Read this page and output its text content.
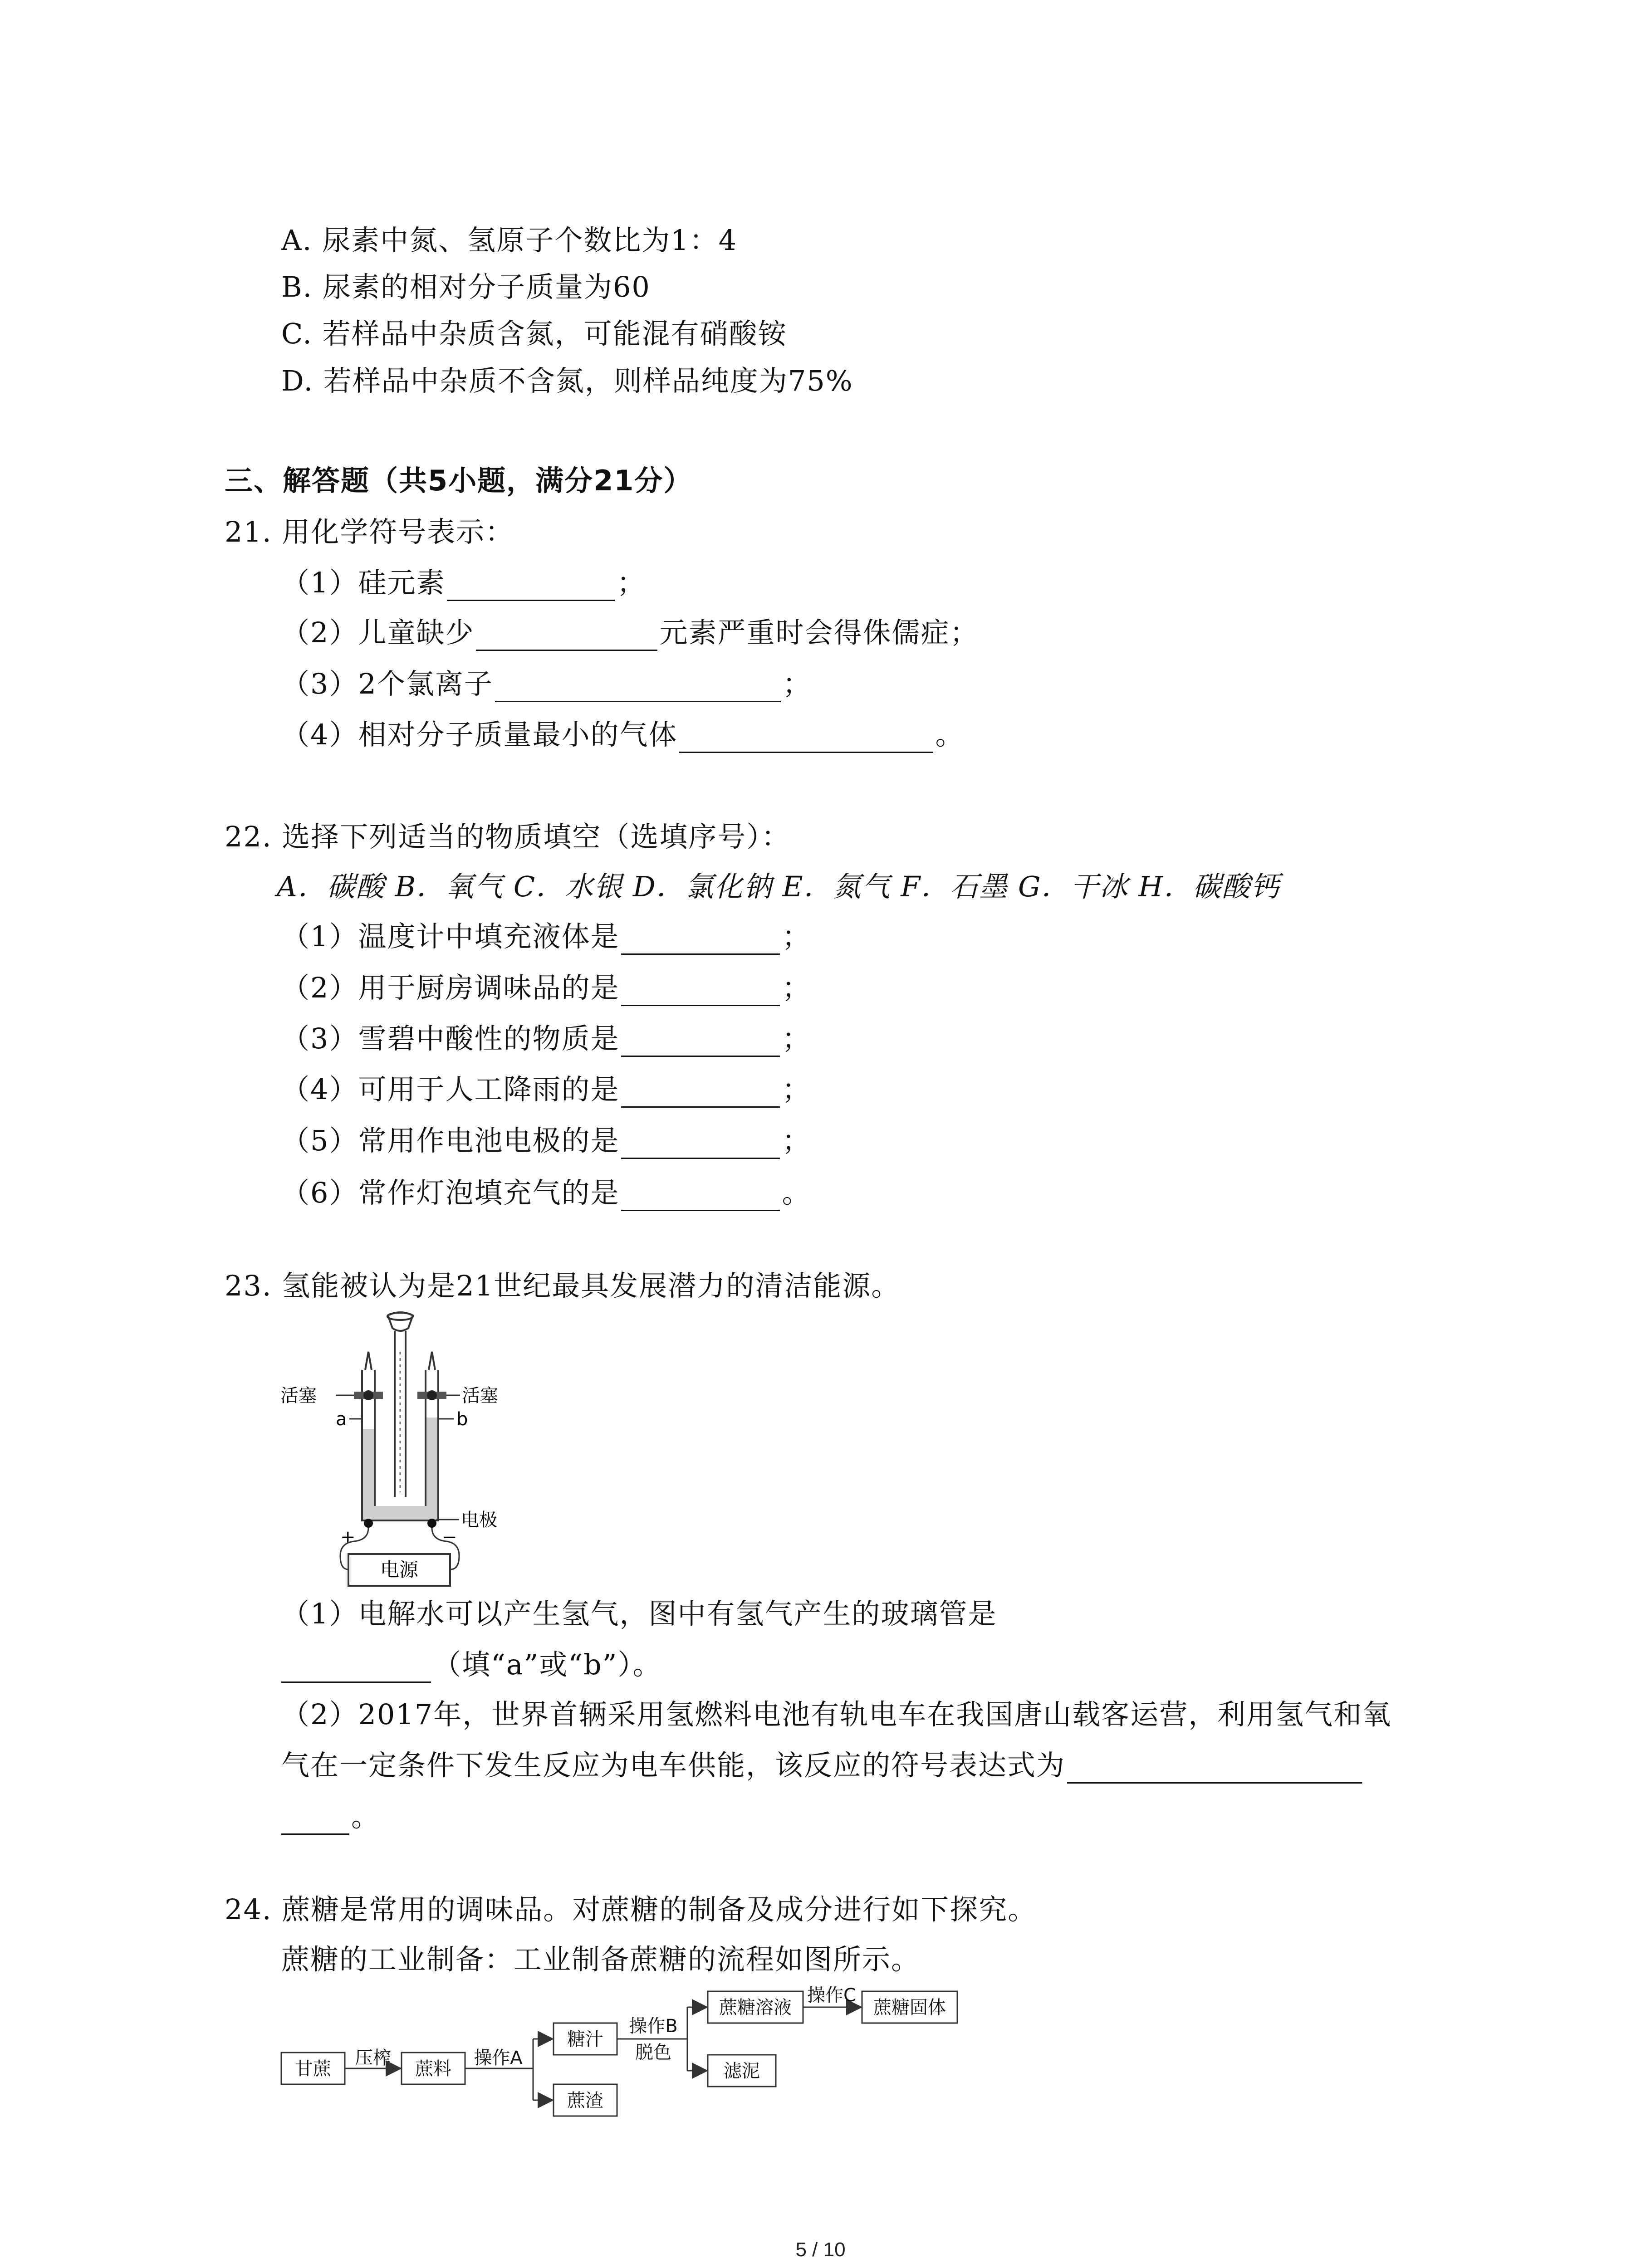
A. 尿素中氮、氢原子个数比为1：4
B. 尿素的相对分子质量为60
C. 若样品中杂质含氮，可能混有硝酸铵
D. 若样品中杂质不含氮，则样品纯度为75%
三、解答题（共5小题，满分21分）
21. 用化学符号表示：
（1）硅元素	；
（2）儿童缺少	元素严重时会得侏儒症；
（3）2个氯离子	；
（4）相对分子质量最小的气体	。
22. 选择下列适当的物质填空（选填序号）：
A．碳酸 B．氧气 C．水银 D．氯化钠 E．氮气 F．石墨 G．干冰 H．碳酸钙
（1）温度计中填充液体是	；
（2）用于厨房调味品的是	；
（3）雪碧中酸性的物质是	；
（4）可用于人工降雨的是	；
（5）常用作电池电极的是	；
（6）常作灯泡填充气的是	。
23. 氢能被认为是21世纪最具发展潜力的清洁能源。
活塞	活塞
a	b
电极
+	−
电源
（1）电解水可以产生氢气，图中有氢气产生的玻璃管是
（填“a”或“b”）。
（2）2017年，世界首辆采用氢燃料电池有轨电车在我国唐山载客运营，利用氢气和氧
气在一定条件下发生反应为电车供能，该反应的符号表达式为
。
24. 蔗糖是常用的调味品。对蔗糖的制备及成分进行如下探究。
蔗糖的工业制备：工业制备蔗糖的流程如图所示。
甘蔗
压榨
蔗料
操作A
糖汁
蔗渣
操作B
脱色
蔗糖溶液
滤泥
操作C
蔗糖固体
5 / 10
